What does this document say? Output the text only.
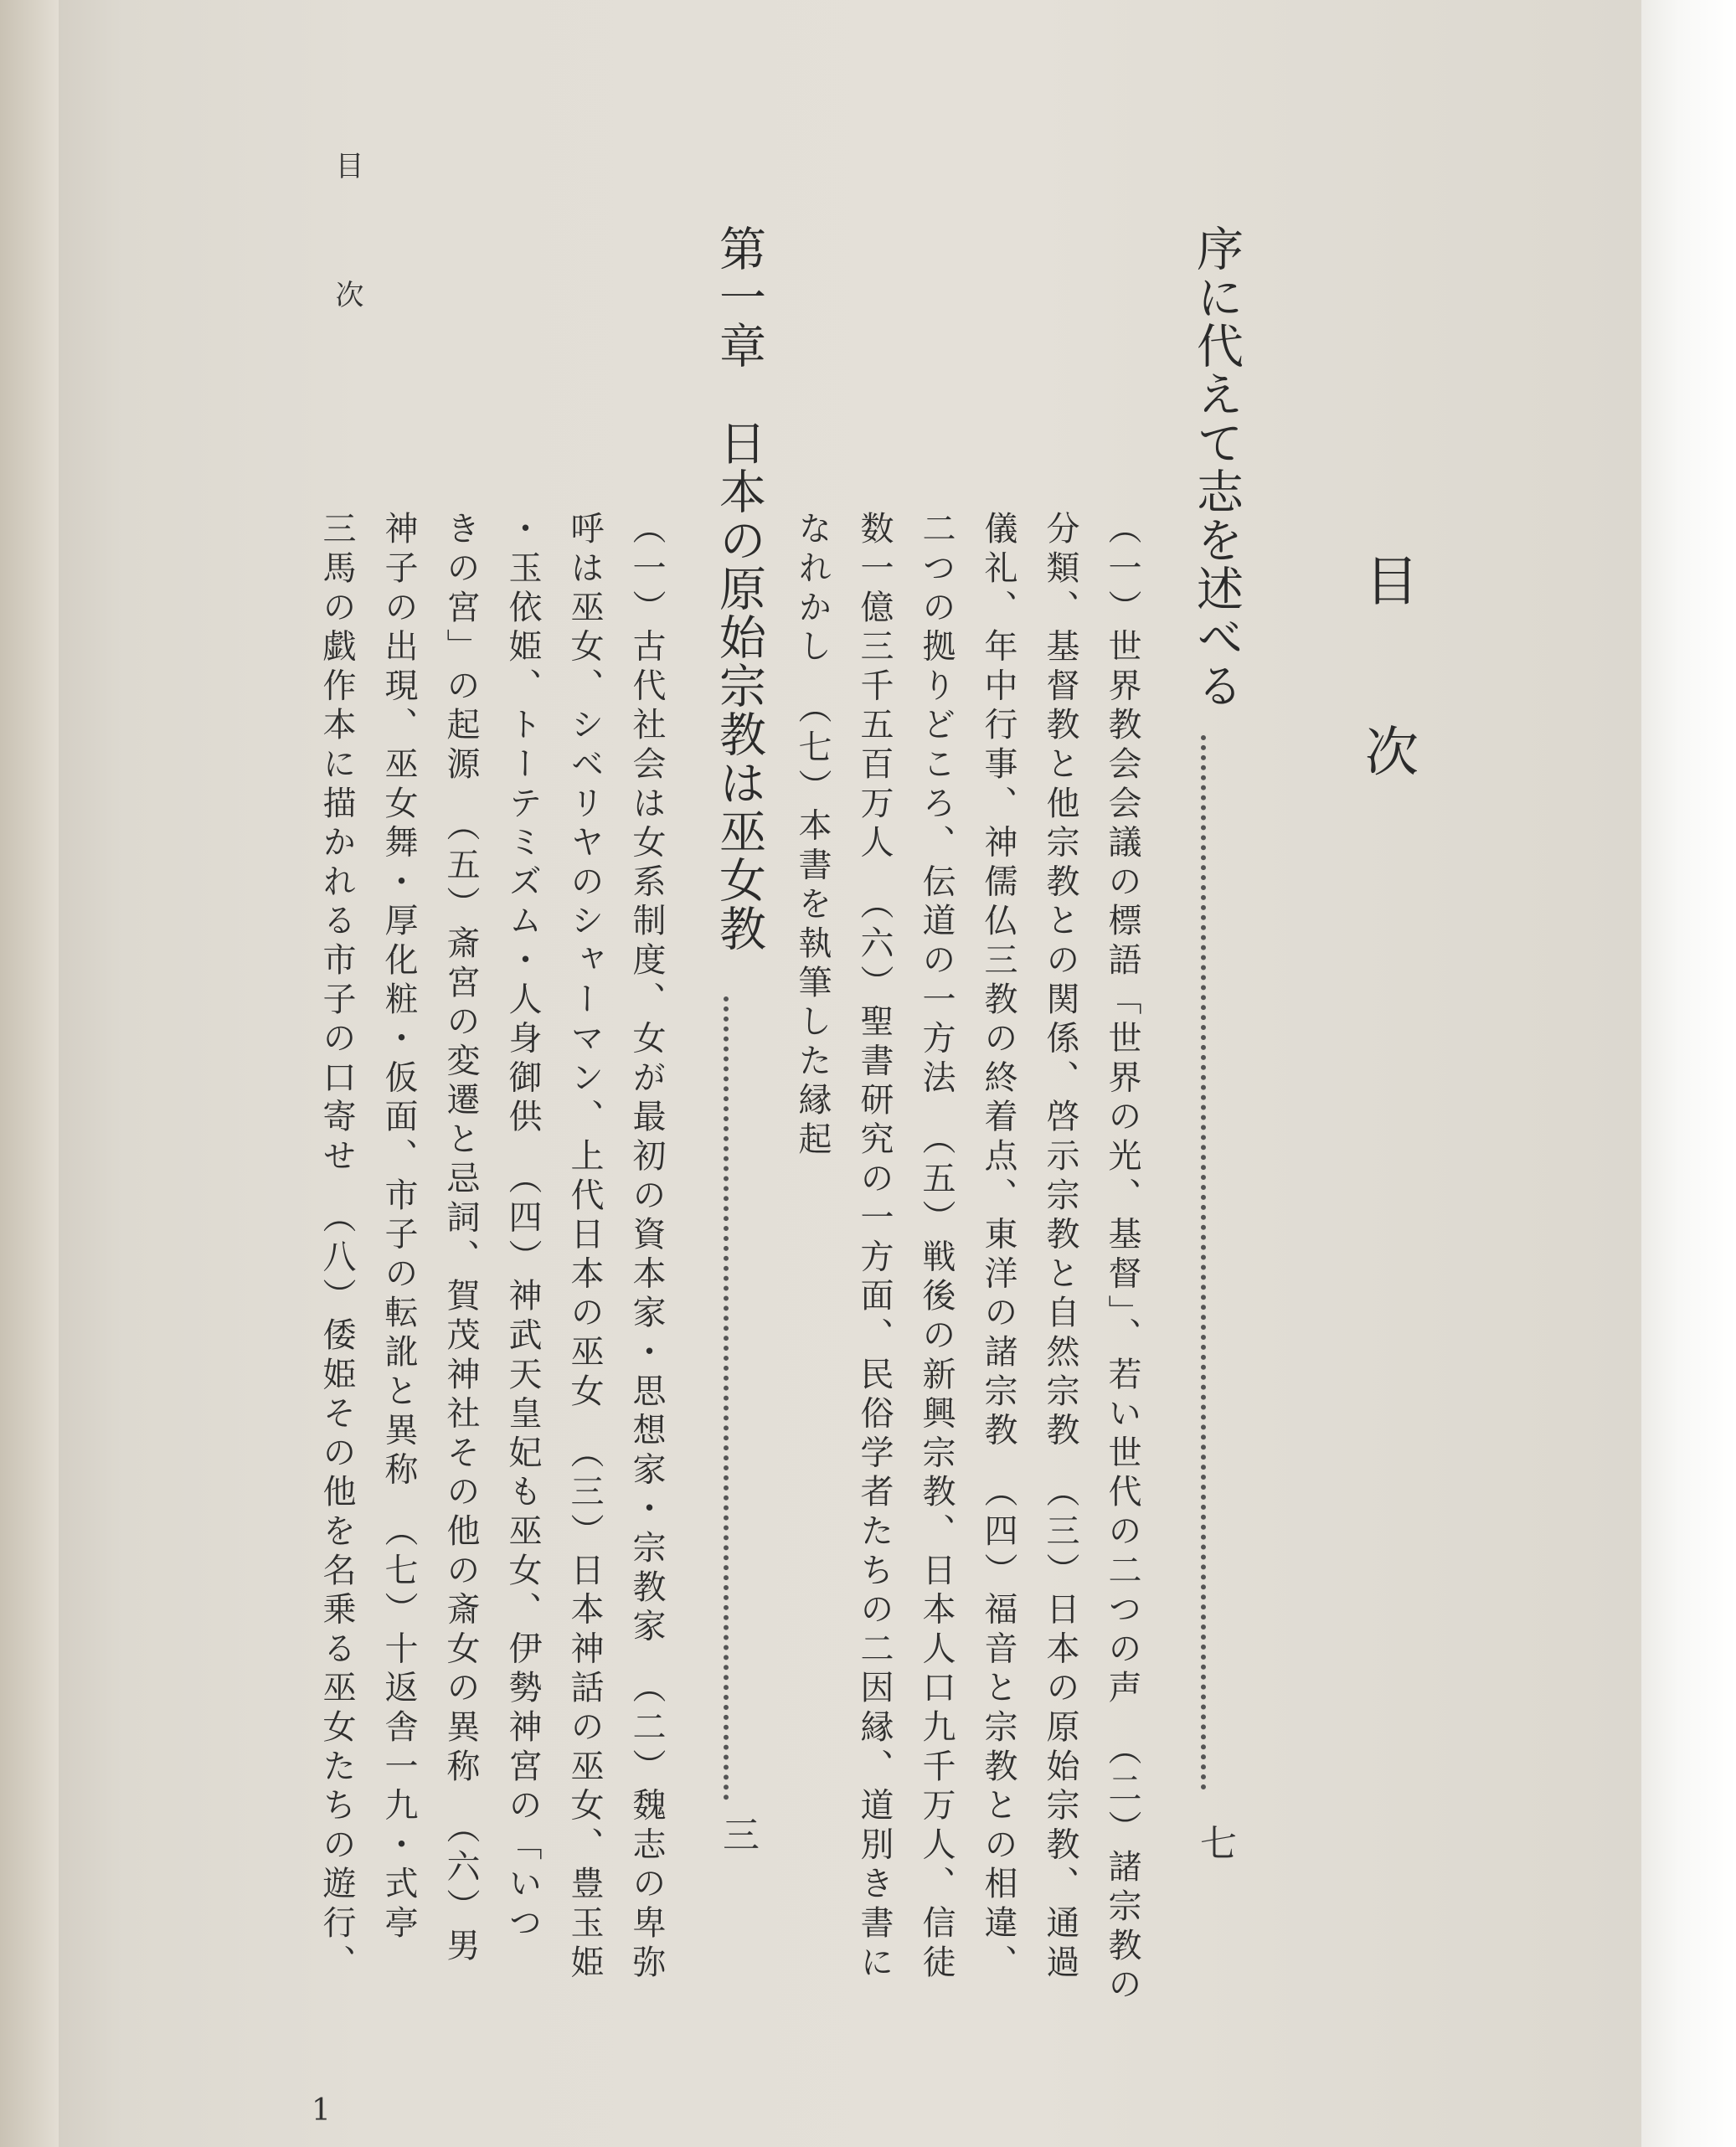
目次
目次
序に代えて志を述べる
七
（一）世界教会会議の標語「世界の光、基督」、若い世代の二つの声　（二）諸宗教の
分類、基督教と他宗教との関係、啓示宗教と自然宗教　（三）日本の原始宗教、通過
儀礼、年中行事、神儒仏三教の終着点、東洋の諸宗教　（四）福音と宗教との相違、
二つの拠りどころ、伝道の一方法　（五）戦後の新興宗教、日本人口九千万人、信徒
数一億三千五百万人　（六）聖書研究の一方面、民俗学者たちの二因縁、道別き書に
なれかし　（七）本書を執筆した縁起
第一章　日本の原始宗教は巫女教
三
（一）古代社会は女系制度、女が最初の資本家・思想家・宗教家　（二）魏志の卑弥
呼は巫女、シベリヤのシャーマン、上代日本の巫女　（三）日本神話の巫女、豊玉姫
・玉依姫、トーテミズム・人身御供　（四）神武天皇妃も巫女、伊勢神宮の「いつ
きの宮」の起源　（五）斎宮の変遷と忌詞、賀茂神社その他の斎女の異称　（六）男
神子の出現、巫女舞・厚化粧・仮面、市子の転訛と異称　（七）十返舎一九・式亭
三馬の戯作本に描かれる市子の口寄せ　（八）倭姫その他を名乗る巫女たちの遊行、
1
